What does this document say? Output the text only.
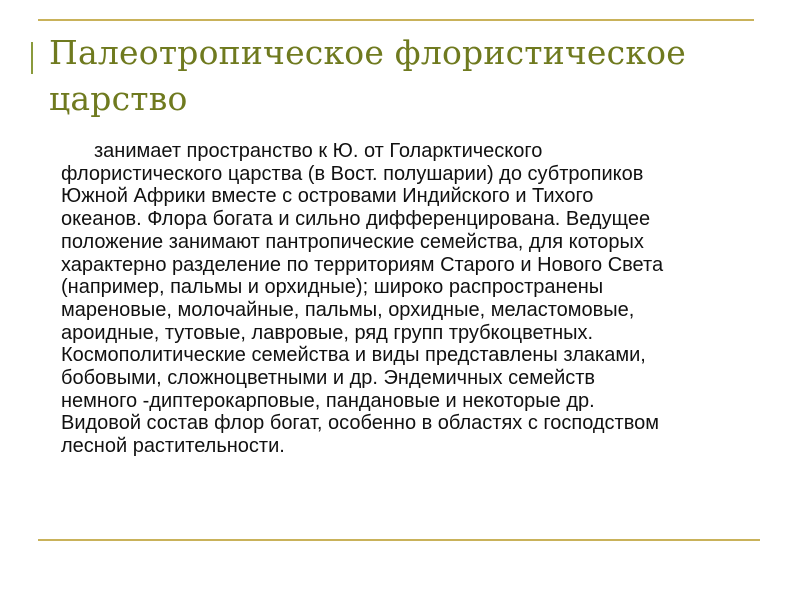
Палеотропическое флористическое царство

занимает пространство к Ю. от Голарктического
флористического царства (в Вост. полушарии) до субтропиков
Южной Африки вместе с островами Индийского и Тихого
океанов. Флора богата и сильно дифференцирована. Ведущее
положение занимают пантропические семейства, для которых
характерно разделение по территориям Старого и Нового Света
(например, пальмы и орхидные); широко распространены
мареновые, молочайные, пальмы, орхидные, меластомовые,
ароидные, тутовые, лавровые, ряд групп трубкоцветных.
Космополитические семейства и виды представлены злаками,
бобовыми, сложноцветными и др. Эндемичных семейств
немного -диптерокарповые, пандановые и некоторые др.
Видовой состав флор богат, особенно в областях с господством
лесной растительности.
